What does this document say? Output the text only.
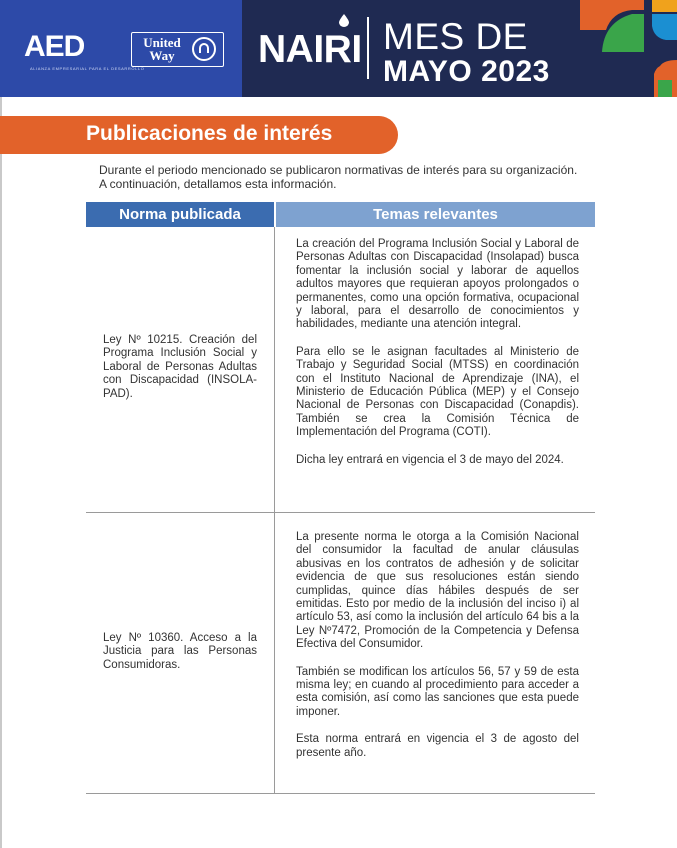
AED
ALIANZA EMPRESARIAL PARA EL DESARROLLO
United
Way	NAIRI MES DE
MAYO 2023
Publicaciones de interés
Durante el periodo mencionado se publicaron normativas de interés para su organización.
A continuación, detallamos esta información.
Norma publicada	Temas relevantes
Ley Nº 10215. Creación del Programa Inclusión Social y Laboral de Personas Adultas con Discapacidad (INSOLA-PAD).

La creación del Programa Inclusión Social y Laboral de Personas Adultas con Discapacidad (Insolapad) busca fomentar la inclusión social y laborar de aquellos adultos mayores que requieran apoyos prolongados o permanentes, como una opción formativa, ocupacional y laboral, para el desarrollo de conocimientos y habilidades, mediante una atención integral.

Para ello se le asignan facultades al Ministerio de Trabajo y Seguridad Social (MTSS) en coordinación con el Instituto Nacional de Aprendizaje (INA), el Ministerio de Educación Pública (MEP) y el Consejo Nacional de Personas con Discapacidad (Conapdis). También se crea la Comisión Técnica de Implementación del Programa (COTI).

Dicha ley entrará en vigencia el 3 de mayo del 2024.

Ley Nº 10360. Acceso a la Justicia para las Personas Consumidoras.

La presente norma le otorga a la Comisión Nacional del consumidor la facultad de anular cláusulas abusivas en los contratos de adhesión y de solicitar evidencia de que sus resoluciones están siendo cumplidas, quince días hábiles después de ser emitidas. Esto por medio de la inclusión del inciso i) al artículo 53, así como la inclusión del artículo 64 bis a la Ley Nº7472, Promoción de la Competencia y Defensa Efectiva del Consumidor.

También se modifican los artículos 56, 57 y 59 de esta misma ley; en cuando al procedimiento para acceder a esta comisión, así como las sanciones que esta puede imponer.

Esta norma entrará en vigencia el 3 de agosto del presente año.
